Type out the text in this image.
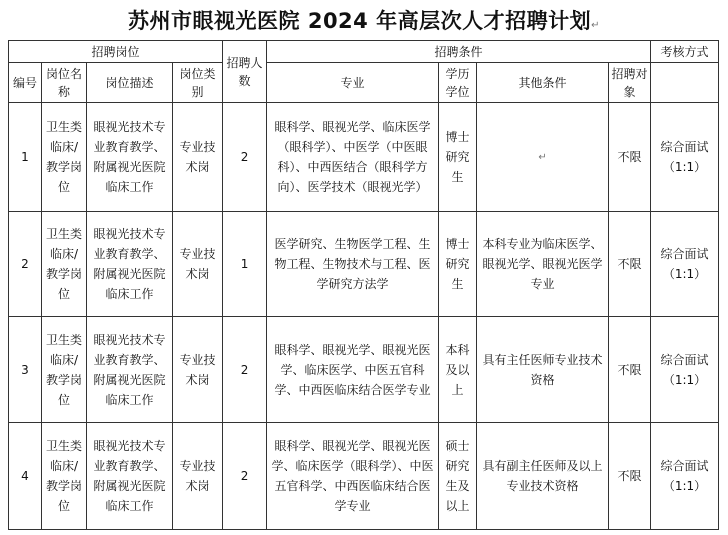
苏州市眼视光医院 2024 年高层次人才招聘计划↵
招聘岗位				招聘人数	招聘条件				考核方式
编号	岗位名称	岗位描述	岗位类别		专业	学历学位	其他条件	招聘对象	
1	卫生类临床/教学岗位	眼视光技术专业教育教学、附属视光医院临床工作	专业技术岗	2	眼科学、眼视光学、临床医学（眼科学）、中医学（中医眼科）、中西医结合（眼科学方向）、医学技术（眼视光学）	博士研究生	↵	不限	综合面试（1:1）
2	卫生类临床/教学岗位	眼视光技术专业教育教学、附属视光医院临床工作	专业技术岗	1	医学研究、生物医学工程、生物工程、生物技术与工程、医学研究方法学	博士研究生	本科专业为临床医学、眼视光学、眼视光医学专业	不限	综合面试（1:1）
3	卫生类临床/教学岗位	眼视光技术专业教育教学、附属视光医院临床工作	专业技术岗	2	眼科学、眼视光学、眼视光医学、临床医学、中医五官科学、中西医临床结合医学专业	本科及以上	具有主任医师专业技术资格	不限	综合面试（1:1）
4	卫生类临床/教学岗位	眼视光技术专业教育教学、附属视光医院临床工作	专业技术岗	2	眼科学、眼视光学、眼视光医学、临床医学（眼科学）、中医五官科学、中西医临床结合医学专业	硕士研究生及以上	具有副主任医师及以上专业技术资格	不限	综合面试（1:1）
